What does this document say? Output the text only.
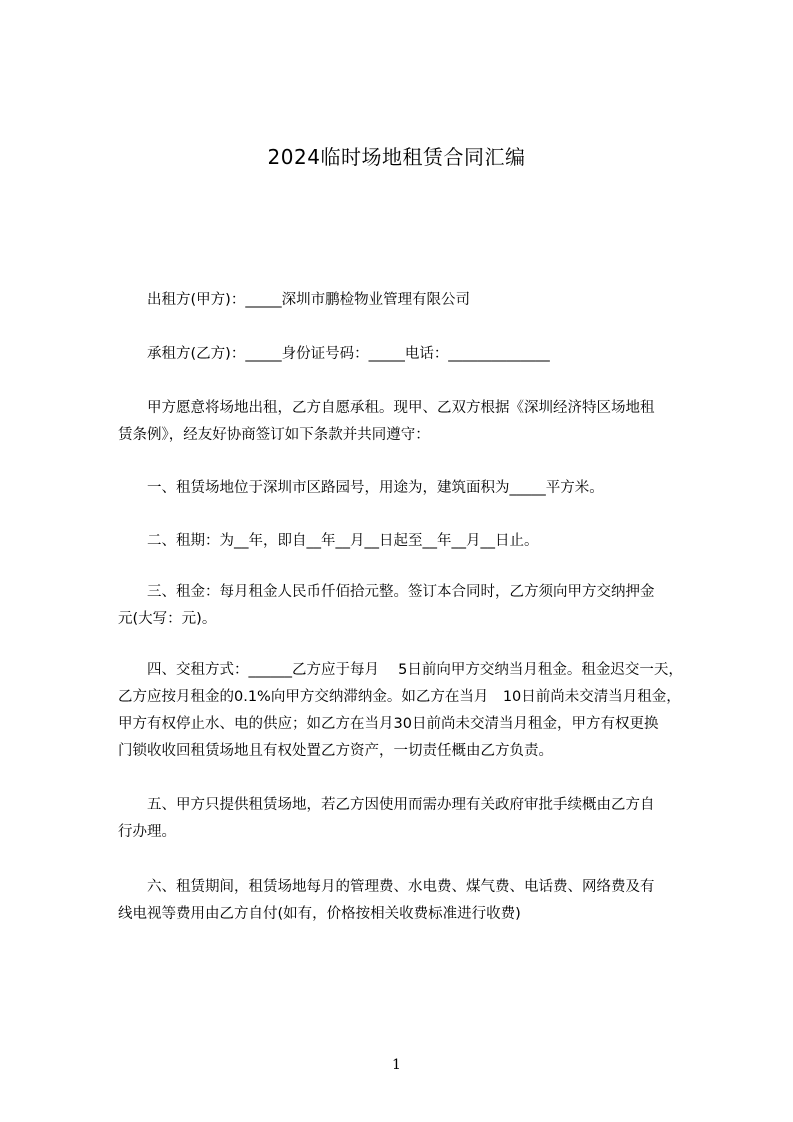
2024临时场地租赁合同汇编
　　出租方(甲方)：_____深圳市鹏检物业管理有限公司
　　承租方(乙方)：_____身份证号码：_____电话：______________

　　甲方愿意将场地出租，乙方自愿承租。现甲、乙双方根据《深圳经济特区场地租

赁条例》，经友好协商签订如下条款并共同遵守：

　　一、租赁场地位于深圳市区路园号，用途为，建筑面积为_____平方米。
　　二、租期：为__年，即自__年__月__日起至__年__月__日止。

　　三、租金：每月租金人民币仟佰拾元整。签订本合同时，乙方须向甲方交纳押金

元(大写：元)。

　　四、交租方式：______乙方应于每月　 5日前向甲方交纳当月租金。租金迟交一天，

乙方应按月租金的0.1%向甲方交纳滞纳金。如乙方在当月　10日前尚未交清当月租金，

甲方有权停止水、电的供应；如乙方在当月30日前尚未交清当月租金，甲方有权更换

门锁收收回租赁场地且有权处置乙方资产，一切责任概由乙方负责。

　　五、甲方只提供租赁场地，若乙方因使用而需办理有关政府审批手续概由乙方自

行办理。

　　六、租赁期间，租赁场地每月的管理费、水电费、煤气费、电话费、网络费及有

线电视等费用由乙方自付(如有，价格按相关收费标准进行收费)

1
